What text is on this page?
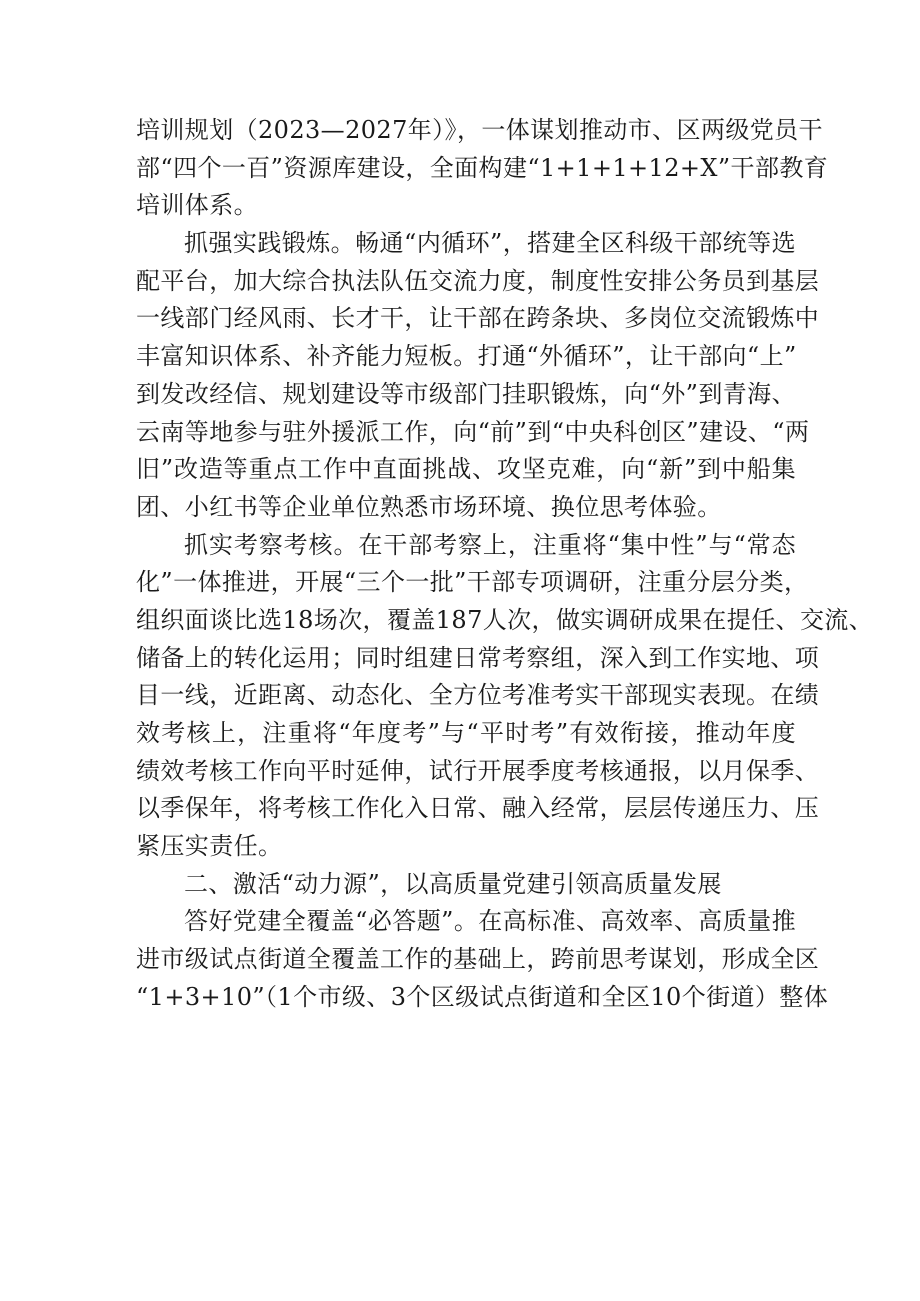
培训规划（2023—2027年）》，一体谋划推动市、区两级党员干
部“四个一百”资源库建设，全面构建“1+1+1+12+X”干部教育
培训体系。
抓强实践锻炼。畅通“内循环”，搭建全区科级干部统等选
配平台，加大综合执法队伍交流力度，制度性安排公务员到基层
一线部门经风雨、长才干，让干部在跨条块、多岗位交流锻炼中
丰富知识体系、补齐能力短板。打通“外循环”，让干部向“上”
到发改经信、规划建设等市级部门挂职锻炼，向“外”到青海、
云南等地参与驻外援派工作，向“前”到“中央科创区”建设、“两
旧”改造等重点工作中直面挑战、攻坚克难，向“新”到中船集
团、小红书等企业单位熟悉市场环境、换位思考体验。
抓实考察考核。在干部考察上，注重将“集中性”与“常态
化”一体推进，开展“三个一批”干部专项调研，注重分层分类，
组织面谈比选18场次，覆盖187人次，做实调研成果在提任、交流、
储备上的转化运用；同时组建日常考察组，深入到工作实地、项
目一线，近距离、动态化、全方位考准考实干部现实表现。在绩
效考核上，注重将“年度考”与“平时考”有效衔接，推动年度
绩效考核工作向平时延伸，试行开展季度考核通报，以月保季、
以季保年，将考核工作化入日常、融入经常，层层传递压力、压
紧压实责任。
二、激活“动力源”，以高质量党建引领高质量发展
答好党建全覆盖“必答题”。在高标准、高效率、高质量推
进市级试点街道全覆盖工作的基础上，跨前思考谋划，形成全区
“1+3+10”（1个市级、3个区级试点街道和全区10个街道）整体
